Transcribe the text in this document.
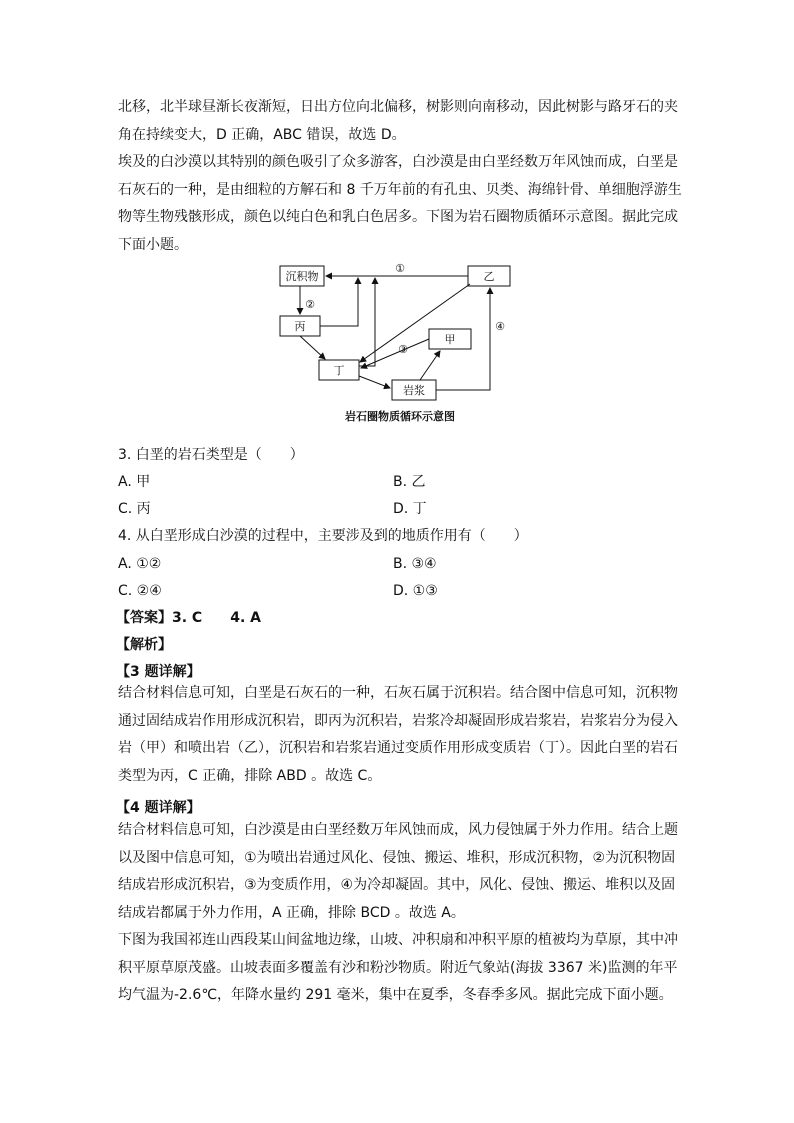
北移，北半球昼渐长夜渐短，日出方位向北偏移，树影则向南移动，因此树影与路牙石的夹
角在持续变大，D 正确，ABC 错误，故选 D。
埃及的白沙漠以其特别的颜色吸引了众多游客，白沙漠是由白垩经数万年风蚀而成，白垩是
石灰石的一种，是由细粒的方解石和 8 千万年前的有孔虫、贝类、海绵针骨、单细胞浮游生
物等生物残骸形成，颜色以纯白色和乳白色居多。下图为岩石圈物质循环示意图。据此完成
下面小题。
沉积物
丙
丁
乙
甲
岩浆
①
②
③
④
岩石圈物质循环示意图
3. 白垩的岩石类型是（　　）
A. 甲	B. 乙
C. 丙	D. 丁
4. 从白垩形成白沙漠的过程中，主要涉及到的地质作用有（　　）
A. ①②	B. ③④
C. ②④	D. ①③
【答案】3. C　　4. A
【解析】
【3 题详解】
结合材料信息可知，白垩是石灰石的一种，石灰石属于沉积岩。结合图中信息可知，沉积物
通过固结成岩作用形成沉积岩，即丙为沉积岩，岩浆冷却凝固形成岩浆岩，岩浆岩分为侵入
岩（甲）和喷出岩（乙），沉积岩和岩浆岩通过变质作用形成变质岩（丁）。因此白垩的岩石
类型为丙，C 正确，排除 ABD 。故选 C。
【4 题详解】
结合材料信息可知，白沙漠是由白垩经数万年风蚀而成，风力侵蚀属于外力作用。结合上题
以及图中信息可知，①为喷出岩通过风化、侵蚀、搬运、堆积，形成沉积物，②为沉积物固
结成岩形成沉积岩，③为变质作用，④为冷却凝固。其中，风化、侵蚀、搬运、堆积以及固
结成岩都属于外力作用，A 正确，排除 BCD 。故选 A。
下图为我国祁连山西段某山间盆地边缘，山坡、冲积扇和冲积平原的植被均为草原，其中冲
积平原草原茂盛。山坡表面多覆盖有沙和粉沙物质。附近气象站(海拔 3367 米)监测的年平
均气温为-2.6℃，年降水量约 291 毫米，集中在夏季，冬春季多风。据此完成下面小题。
